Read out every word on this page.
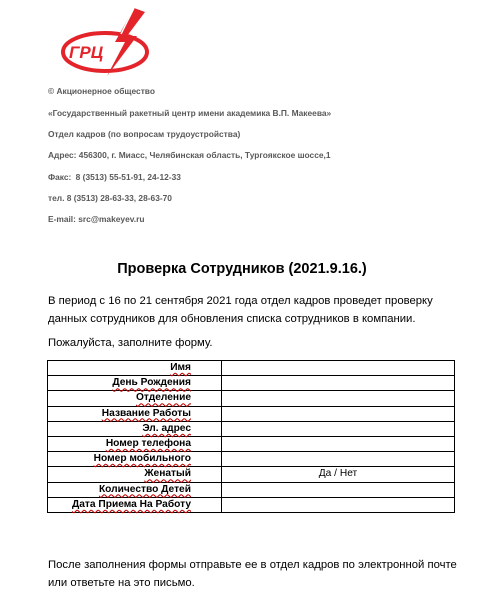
ГРЦ
© Акционерное общество
«Государственный ракетный центр имени академика В.П. Макеева»
Отдел кадров (по вопросам трудоустройства)
Адрес: 456300, г. Миасс, Челябинская область, Тургоякское шоссе,1
Факс: 8 (3513) 55-51-91, 24-12-33
тел. 8 (3513) 28-63-33, 28-63-70
E-mail: src@makeyev.ru
Проверка Сотрудников (2021.9.16.)
В период с 16 по 21 сентября 2021 года отдел кадров проведет проверку данных сотрудников для обновления списка сотрудников в компании.
Пожалуйста, заполните форму.
Имя	
День Рождения	
Отделение	
Название Работы	
Эл. адрес	
Номер телефона	
Номер мобильного	
Женатый	Да / Нет
Количество Детей	
Дата Приема На Работу	
После заполнения формы отправьте ее в отдел кадров по электронной почте или ответьте на это письмо.
